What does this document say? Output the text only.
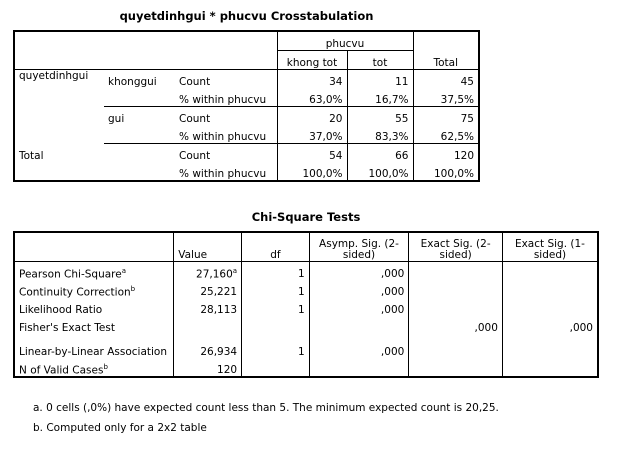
quyetdinhgui * phucvu Crosstabulation
			phucvu		Total
			khong tot	tot	
quyetdinhgui	khonggui	Count	34	11	45
		% within phucvu	63,0%	16,7%	37,5%
	gui	Count	20	55	75
		% within phucvu	37,0%	83,3%	62,5%
Total		Count	54	66	120
		% within phucvu	100,0%	100,0%	100,0%
Chi-Square Tests
	Value	df	Asymp. Sig. (2-sided)	Exact Sig. (2-sided)	Exact Sig. (1-sided)
Pearson Chi-Square$^a$	27,160$^a$	1	,000		
Continuity Correction$^b$	25,221	1	,000		
Likelihood Ratio	28,113	1	,000		
Fisher's Exact Test				,000	,000
Linear-by-Linear Association	26,934	1	,000		
N of Valid Cases$^b$	120				
a. 0 cells (,0%) have expected count less than 5. The minimum expected count is 20,25.
b. Computed only for a 2x2 table
